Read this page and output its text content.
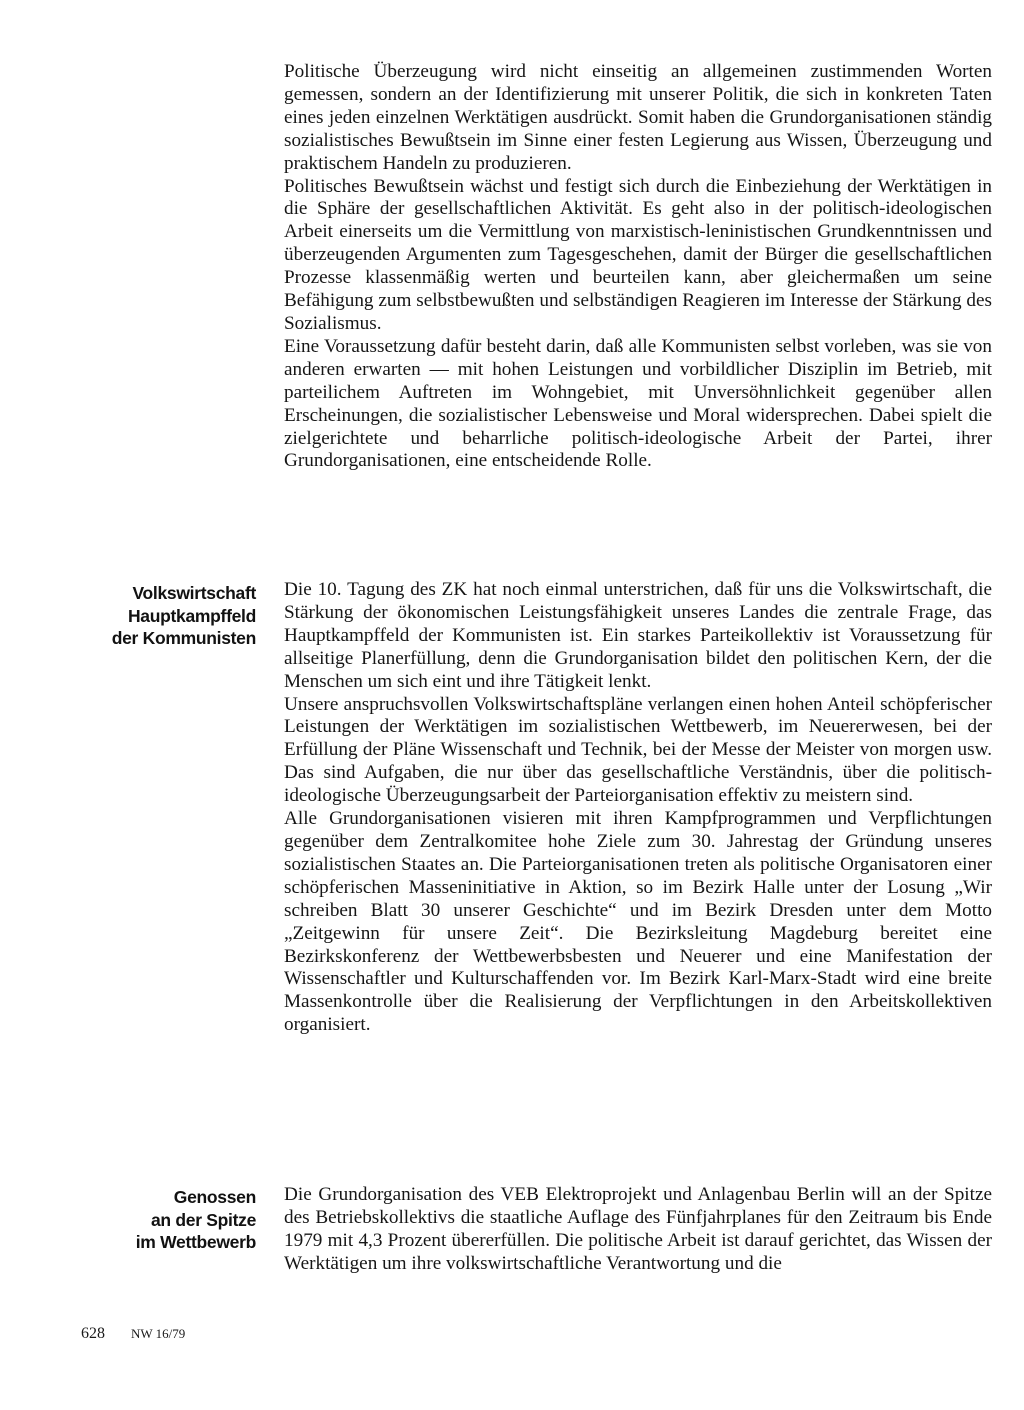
Politische Überzeugung wird nicht einseitig an allgemeinen zustimmenden Worten gemessen, sondern an der Identifizierung mit unserer Politik, die sich in konkreten Taten eines jeden einzelnen Werktätigen ausdrückt. Somit haben die Grundorganisationen ständig sozialistisches Bewußtsein im Sinne einer festen Legierung aus Wissen, Überzeugung und praktischem Handeln zu produzieren.

Politisches Bewußtsein wächst und festigt sich durch die Einbeziehung der Werktätigen in die Sphäre der gesellschaftlichen Aktivität. Es geht also in der politisch-ideologischen Arbeit einerseits um die Vermittlung von marxistisch-leninistischen Grundkenntnissen und überzeugenden Argumenten zum Tagesgeschehen, damit der Bürger die gesellschaftlichen Prozesse klassenmäßig werten und beurteilen kann, aber gleichermaßen um seine Befähigung zum selbstbewußten und selbständigen Reagieren im Interesse der Stärkung des Sozialismus.

Eine Voraussetzung dafür besteht darin, daß alle Kommunisten selbst vorleben, was sie von anderen erwarten — mit hohen Leistungen und vorbildlicher Disziplin im Betrieb, mit parteilichem Auftreten im Wohngebiet, mit Unversöhnlichkeit gegenüber allen Erscheinungen, die sozialistischer Lebensweise und Moral widersprechen. Dabei spielt die zielgerichtete und beharrliche politisch-ideologische Arbeit der Partei, ihrer Grundorganisationen, eine entscheidende Rolle.

Volkswirtschaft
Hauptkampffeld
der Kommunisten

Die 10. Tagung des ZK hat noch einmal unterstrichen, daß für uns die Volkswirtschaft, die Stärkung der ökonomischen Leistungsfähigkeit unseres Landes die zentrale Frage, das Hauptkampffeld der Kommunisten ist. Ein starkes Parteikollektiv ist Voraussetzung für allseitige Planerfüllung, denn die Grundorganisation bildet den politischen Kern, der die Menschen um sich eint und ihre Tätigkeit lenkt.

Unsere anspruchsvollen Volkswirtschaftspläne verlangen einen hohen Anteil schöpferischer Leistungen der Werktätigen im sozialistischen Wettbewerb, im Neuererwesen, bei der Erfüllung der Pläne Wissenschaft und Technik, bei der Messe der Meister von morgen usw. Das sind Aufgaben, die nur über das gesellschaftliche Verständnis, über die politisch-ideologische Überzeugungsarbeit der Parteiorganisation effektiv zu meistern sind.

Alle Grundorganisationen visieren mit ihren Kampfprogrammen und Verpflichtungen gegenüber dem Zentralkomitee hohe Ziele zum 30. Jahrestag der Gründung unseres sozialistischen Staates an. Die Parteiorganisationen treten als politische Organisatoren einer schöpferischen Masseninitiative in Aktion, so im Bezirk Halle unter der Losung „Wir schreiben Blatt 30 unserer Geschichte“ und im Bezirk Dresden unter dem Motto „Zeitgewinn für unsere Zeit“. Die Bezirksleitung Magdeburg bereitet eine Bezirkskonferenz der Wettbewerbsbesten und Neuerer und eine Manifestation der Wissenschaftler und Kulturschaffenden vor. Im Bezirk Karl-Marx-Stadt wird eine breite Massenkontrolle über die Realisierung der Verpflichtungen in den Arbeitskollektiven organisiert.

Genossen
an der Spitze
im Wettbewerb

Die Grundorganisation des VEB Elektroprojekt und Anlagenbau Berlin will an der Spitze des Betriebskollektivs die staatliche Auflage des Fünfjahrplanes für den Zeitraum bis Ende 1979 mit 4,3 Prozent übererfüllen. Die politische Arbeit ist darauf gerichtet, das Wissen der Werktätigen um ihre volkswirtschaftliche Verantwortung und die

628 NW 16/79
